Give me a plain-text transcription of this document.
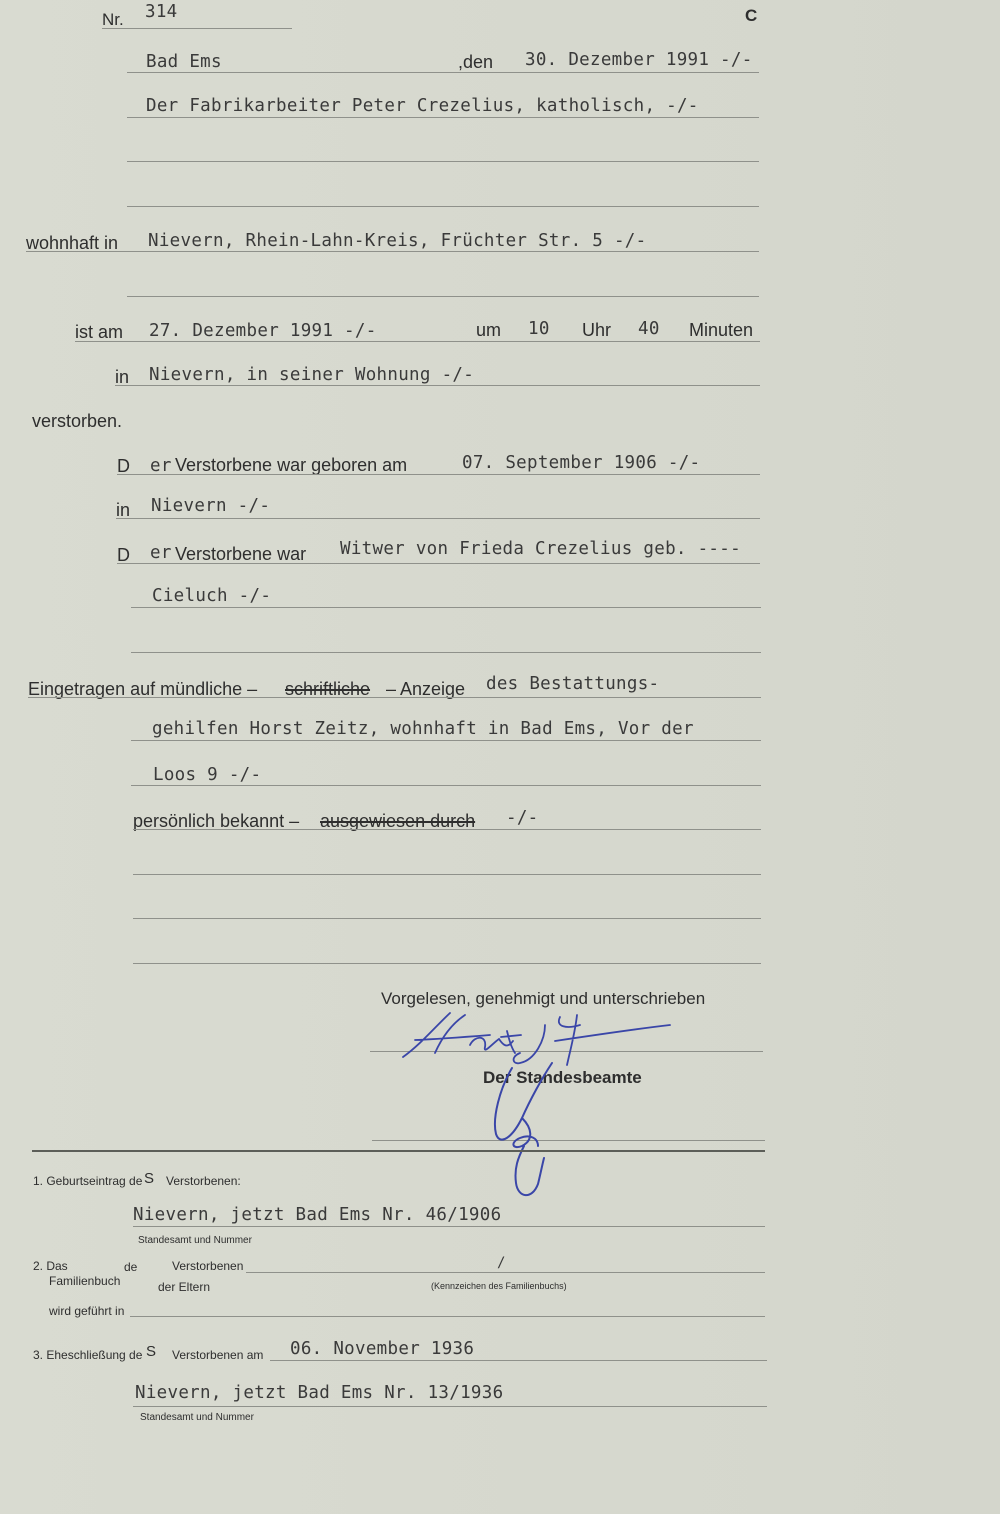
Nr. 314	C
Bad Ems	,den 30. Dezember 1991 -/-
Der Fabrikarbeiter Peter Crezelius, katholisch, -/-
wohnhaft in Nievern, Rhein-Lahn-Kreis, Früchter Str. 5 -/-
ist am 27. Dezember 1991 -/-	um 10 Uhr 40 Minuten
in Nievern, in seiner Wohnung -/-
verstorben.
D er Verstorbene war geboren am	07. September 1906 -/-
in Nievern -/-
D er Verstorbene war Witwer von Frieda Crezelius geb. ----
Cieluch -/-
Eingetragen auf mündliche – schriftliche – Anzeige des Bestattungs-
gehilfen Horst Zeitz, wohnhaft in Bad Ems, Vor der
Loos 9 -/-
persönlich bekannt – ausgewiesen durch -/-
Vorgelesen, genehmigt und unterschrieben
Der Standesbeamte
1. Geburtseintrag de S Verstorbenen:
Nievern, jetzt Bad Ems Nr. 46/1906
Standesamt und Nummer
2. Das
Familienbuch
de	Verstorbenen
der Eltern
/
(Kennzeichen des Familienbuchs)
wird geführt in
3. Eheschließung de S Verstorbenen am 06. November 1936
Nievern, jetzt Bad Ems Nr. 13/1936
Standesamt und Nummer
